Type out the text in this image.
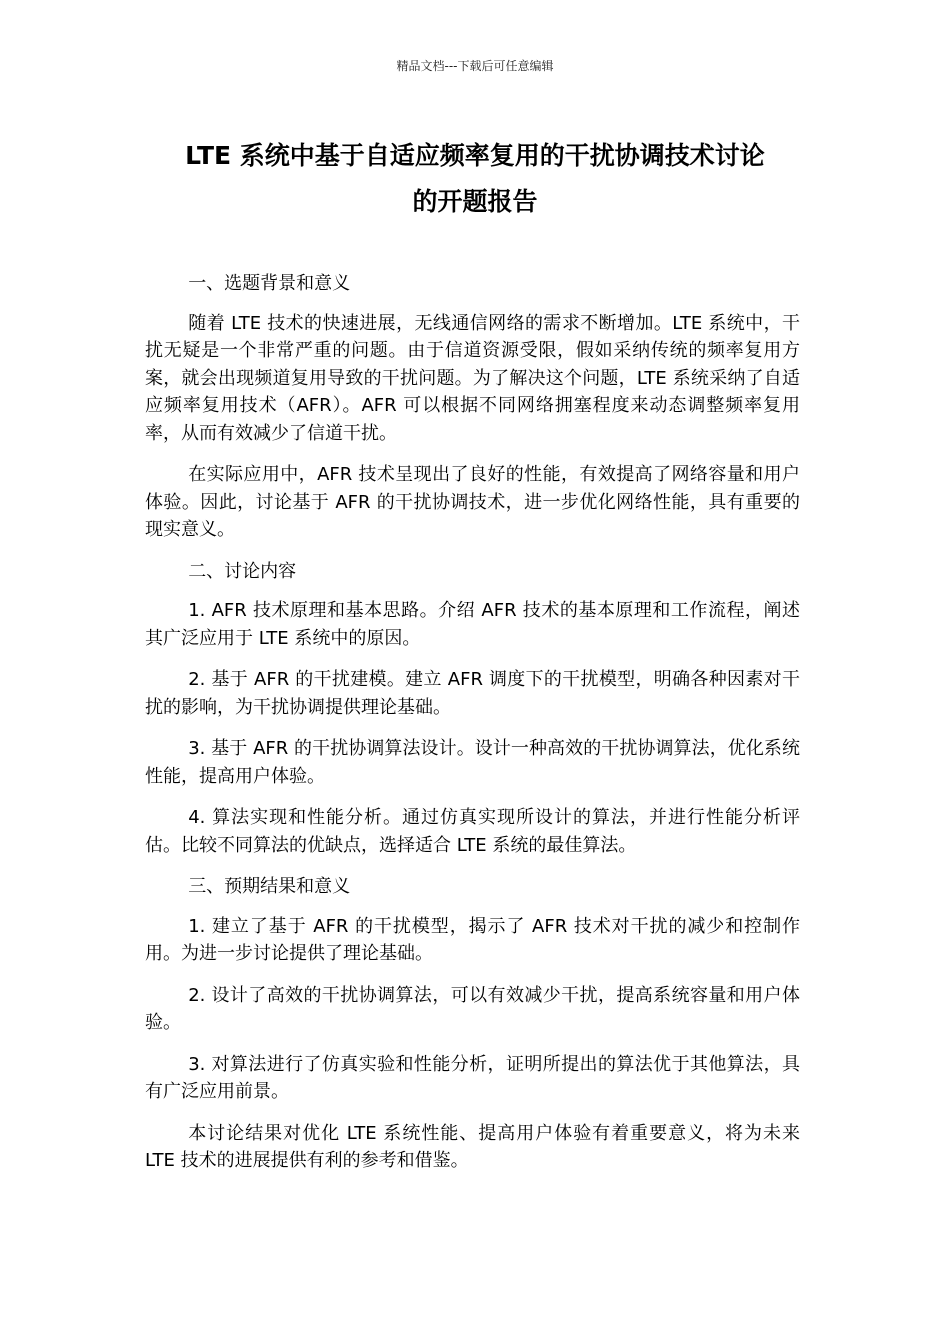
精品文档---下载后可任意编辑
LTE 系统中基于自适应频率复用的干扰协调技术讨论
的开题报告

一、选题背景和意义

随着 LTE 技术的快速进展，无线通信网络的需求不断增加。LTE 系统中，干扰无疑是一个非常严重的问题。由于信道资源受限，假如采纳传统的频率复用方案，就会出现频道复用导致的干扰问题。为了解决这个问题，LTE 系统采纳了自适应频率复用技术（AFR）。AFR 可以根据不同网络拥塞程度来动态调整频率复用率，从而有效减少了信道干扰。

在实际应用中，AFR 技术呈现出了良好的性能，有效提高了网络容量和用户体验。因此，讨论基于 AFR 的干扰协调技术，进一步优化网络性能，具有重要的现实意义。

二、讨论内容

1. AFR 技术原理和基本思路。介绍 AFR 技术的基本原理和工作流程，阐述其广泛应用于 LTE 系统中的原因。

2. 基于 AFR 的干扰建模。建立 AFR 调度下的干扰模型，明确各种因素对干扰的影响，为干扰协调提供理论基础。

3. 基于 AFR 的干扰协调算法设计。设计一种高效的干扰协调算法，优化系统性能，提高用户体验。

4. 算法实现和性能分析。通过仿真实现所设计的算法，并进行性能分析评估。比较不同算法的优缺点，选择适合 LTE 系统的最佳算法。

三、预期结果和意义

1. 建立了基于 AFR 的干扰模型，揭示了 AFR 技术对干扰的减少和控制作用。为进一步讨论提供了理论基础。

2. 设计了高效的干扰协调算法，可以有效减少干扰，提高系统容量和用户体验。

3. 对算法进行了仿真实验和性能分析，证明所提出的算法优于其他算法，具有广泛应用前景。

本讨论结果对优化 LTE 系统性能、提高用户体验有着重要意义，将为未来 LTE 技术的进展提供有利的参考和借鉴。
